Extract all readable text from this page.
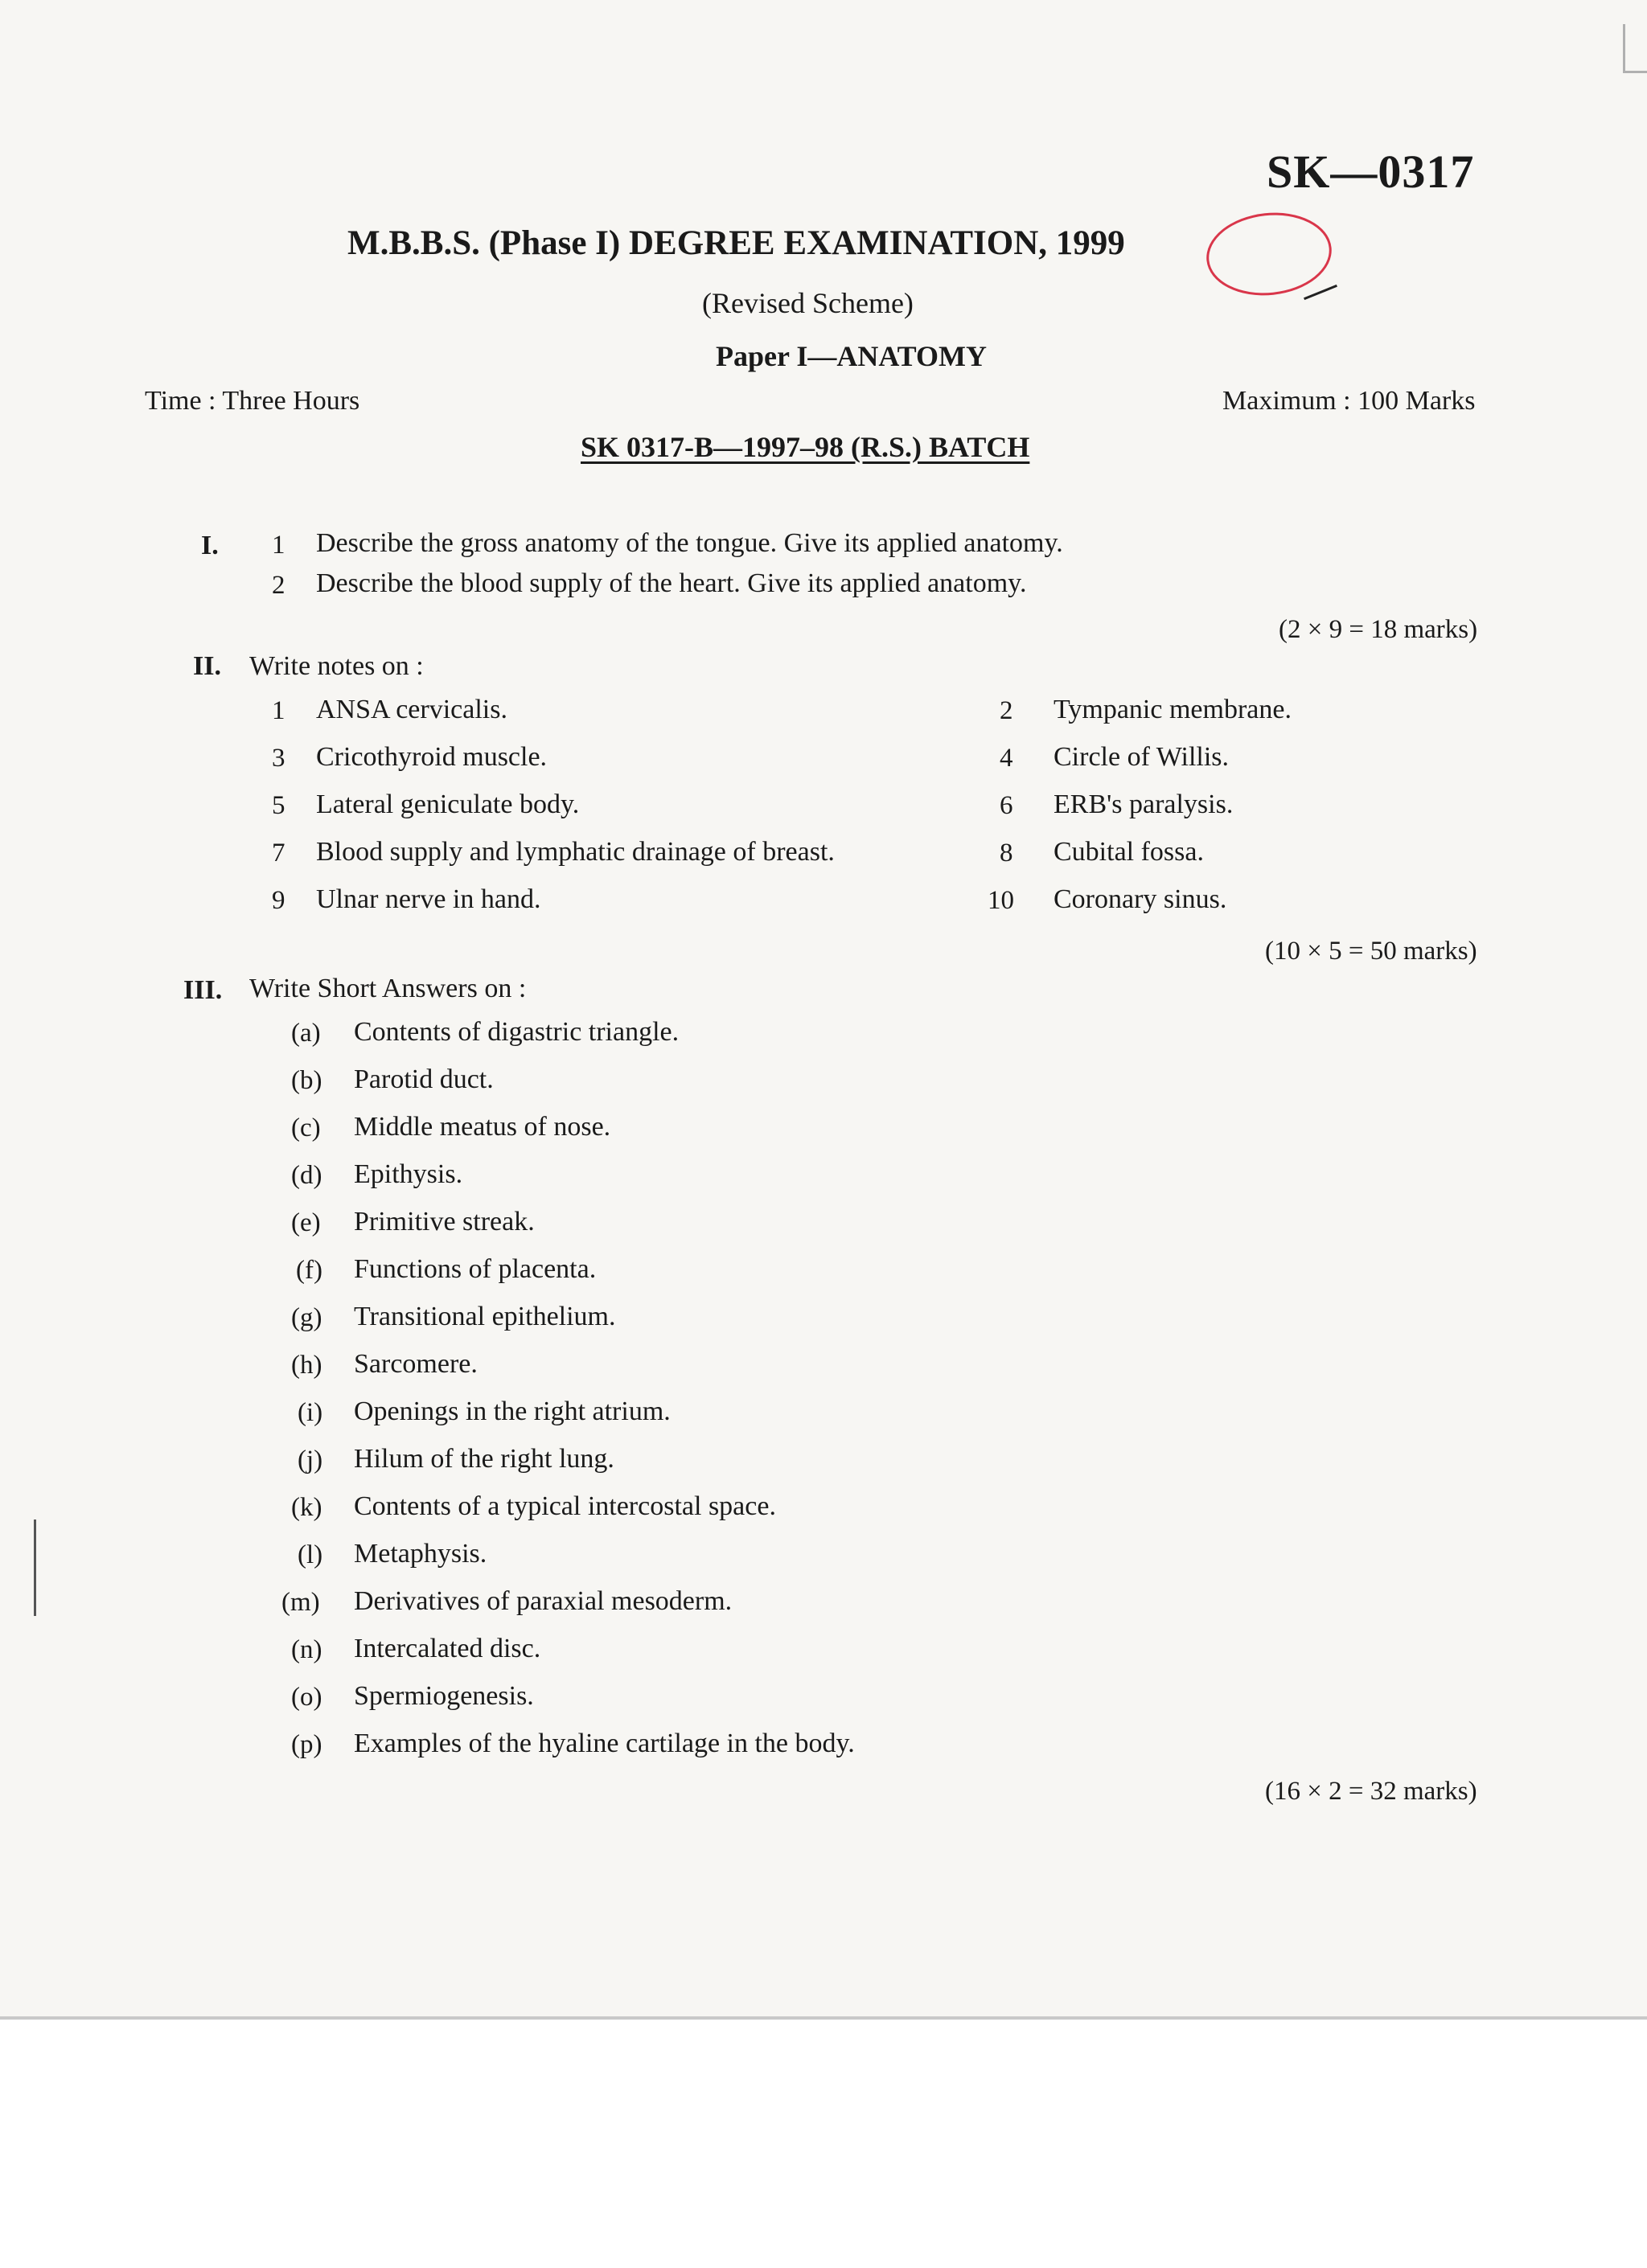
SK—0317
M.B.B.S. (Phase I) DEGREE EXAMINATION, 1999
(Revised Scheme)
Paper I—ANATOMY
Time : Three Hours	Maximum : 100 Marks
SK 0317-B—1997–98 (R.S.) BATCH
I. 1 Describe the gross anatomy of the tongue. Give its applied anatomy.
2 Describe the blood supply of the heart. Give its applied anatomy.
(2 × 9 = 18 marks)
II. Write notes on :
1 ANSA cervicalis.	2 Tympanic membrane.
3 Cricothyroid muscle.	4 Circle of Willis.
5 Lateral geniculate body.	6 ERB's paralysis.
7 Blood supply and lymphatic drainage of breast.	8 Cubital fossa.
9 Ulnar nerve in hand.	10 Coronary sinus.
(10 × 5 = 50 marks)
III. Write Short Answers on :
(a) Contents of digastric triangle.
(b) Parotid duct.
(c) Middle meatus of nose.
(d) Epithysis.
(e) Primitive streak.
(f) Functions of placenta.
(g) Transitional epithelium.
(h) Sarcomere.
(i) Openings in the right atrium.
(j) Hilum of the right lung.
(k) Contents of a typical intercostal space.
(l) Metaphysis.
(m) Derivatives of paraxial mesoderm.
(n) Intercalated disc.
(o) Spermiogenesis.
(p) Examples of the hyaline cartilage in the body.
(16 × 2 = 32 marks)
